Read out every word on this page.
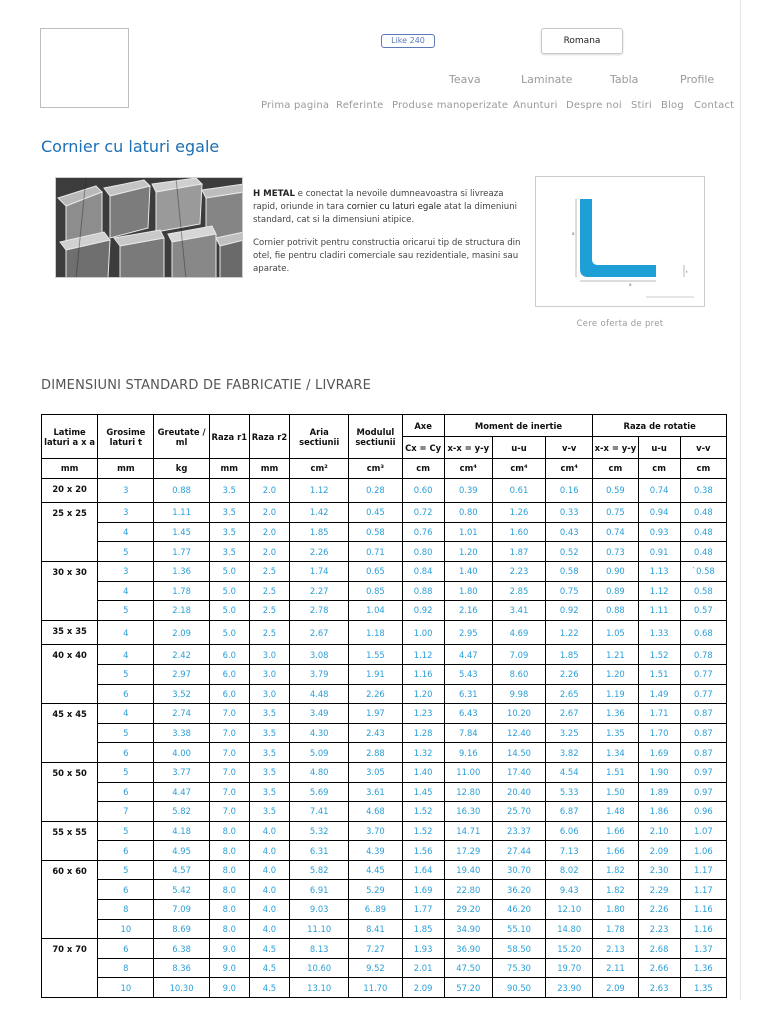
Like 240	Romana
Teava	Laminate	Tabla	Profile
Prima pagina Referinte Produse manoperizate Anunturi Despre noi Stiri Blog Contact
Cornier cu laturi egale

H METAL e conectat la nevoile dumneavoastra si livreaza rapid, oriunde in tara cornier cu laturi egale atat la dimeniuni standard, cat si la dimensiuni atipice.

Cornier potrivit pentru constructia oricarui tip de structura din otel, fie pentru cladiri comerciale sau rezidentiale, masini sau aparate.

a
a
t
Cere oferta de pret
DIMENSIUNI STANDARD DE FABRICATIE / LIVRARE
Latime laturi a x a	Grosime laturi t	Greutate / ml	Raza r1	Raza r2	Aria sectiunii	Modulul sectiunii	Axe	Moment de inertie			Raza de rotatie		
							Cx = Cy	x-x = y-y	u-u	v-v	x-x = y-y	u-u	v-v
mm	mm	kg	mm	mm	cm²	cm³	cm	cm⁴	cm⁴	cm⁴	cm	cm	cm
20 x 20	3	0.88	3.5	2.0	1.12	0.28	0.60	0.39	0.61	0.16	0.59	0.74	0.38
25 x 25	3	1.11	3.5	2.0	1.42	0.45	0.72	0.80	1.26	0.33	0.75	0.94	0.48
	4	1.45	3.5	2.0	1.85	0.58	0.76	1.01	1.60	0.43	0.74	0.93	0.48
	5	1.77	3.5	2.0	2.26	0.71	0.80	1.20	1.87	0.52	0.73	0.91	0.48
30 x 30	3	1.36	5.0	2.5	1.74	0.65	0.84	1.40	2.23	0.58	0.90	1.13	`0.58
	4	1.78	5.0	2.5	2.27	0.85	0.88	1.80	2.85	0.75	0.89	1.12	0.58
	5	2.18	5.0	2.5	2.78	1.04	0.92	2.16	3.41	0.92	0.88	1.11	0.57
35 x 35	4	2.09	5.0	2.5	2.67	1.18	1.00	2.95	4.69	1.22	1.05	1.33	0.68
40 x 40	4	2.42	6.0	3.0	3.08	1.55	1.12	4.47	7.09	1.85	1.21	1.52	0.78
	5	2.97	6.0	3.0	3.79	1.91	1.16	5.43	8.60	2.26	1.20	1.51	0.77
	6	3.52	6.0	3.0	4.48	2.26	1.20	6.31	9.98	2.65	1.19	1.49	0.77
45 x 45	4	2.74	7.0	3.5	3.49	1.97	1.23	6.43	10.20	2.67	1.36	1.71	0.87
	5	3.38	7.0	3.5	4.30	2.43	1.28	7.84	12.40	3.25	1.35	1.70	0.87
	6	4.00	7.0	3.5	5.09	2.88	1.32	9.16	14.50	3.82	1.34	1.69	0.87
50 x 50	5	3.77	7.0	3.5	4.80	3.05	1.40	11.00	17.40	4.54	1.51	1.90	0.97
	6	4.47	7.0	3.5	5.69	3.61	1.45	12.80	20.40	5.33	1.50	1.89	0.97
	7	5.82	7.0	3.5	7.41	4.68	1.52	16.30	25.70	6.87	1.48	1.86	0.96
55 x 55	5	4.18	8.0	4.0	5.32	3.70	1.52	14.71	23.37	6.06	1.66	2.10	1.07
	6	4.95	8.0	4.0	6.31	4.39	1.56	17.29	27.44	7.13	1.66	2.09	1.06
60 x 60	5	4.57	8.0	4.0	5.82	4.45	1.64	19.40	30.70	8.02	1.82	2.30	1.17
	6	5.42	8.0	4.0	6.91	5.29	1.69	22.80	36.20	9.43	1.82	2.29	1.17
	8	7.09	8.0	4.0	9.03	6..89	1.77	29.20	46.20	12.10	1.80	2.26	1.16
	10	8.69	8.0	4.0	11.10	8.41	1.85	34.90	55.10	14.80	1.78	2.23	1.16
70 x 70	6	6.38	9.0	4.5	8.13	7.27	1.93	36.90	58.50	15.20	2.13	2.68	1.37
	8	8.36	9.0	4.5	10.60	9.52	2.01	47.50	75.30	19.70	2.11	2.66	1.36
	10	10.30	9.0	4.5	13.10	11.70	2.09	57.20	90.50	23.90	2.09	2.63	1.35
